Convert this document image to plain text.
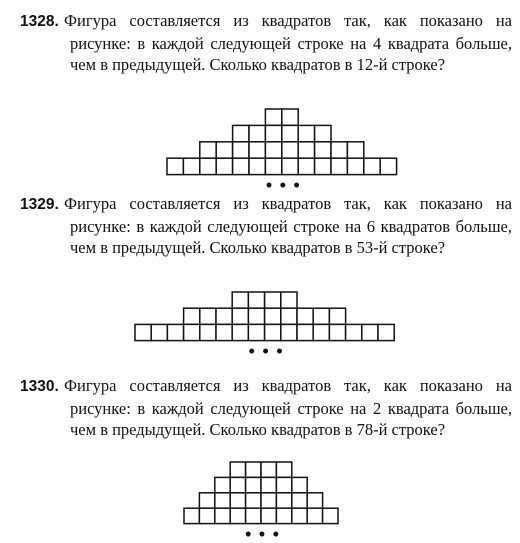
1328. Фигура составляется из квадратов так, как показано на рисунке: в каждой следующей строке на 4 квадрата больше, чем в предыдущей. Сколько квадратов в 12-й строке?

• • •

1329. Фигура составляется из квадратов так, как показано на рисунке: в каждой следующей строке на 6 квадратов больше, чем в предыдущей. Сколько квадратов в 53-й строке?

• • •

1330. Фигура составляется из квадратов так, как показано на рисунке: в каждой следующей строке на 2 квадрата больше, чем в предыдущей. Сколько квадратов в 78-й строке?

• • •
